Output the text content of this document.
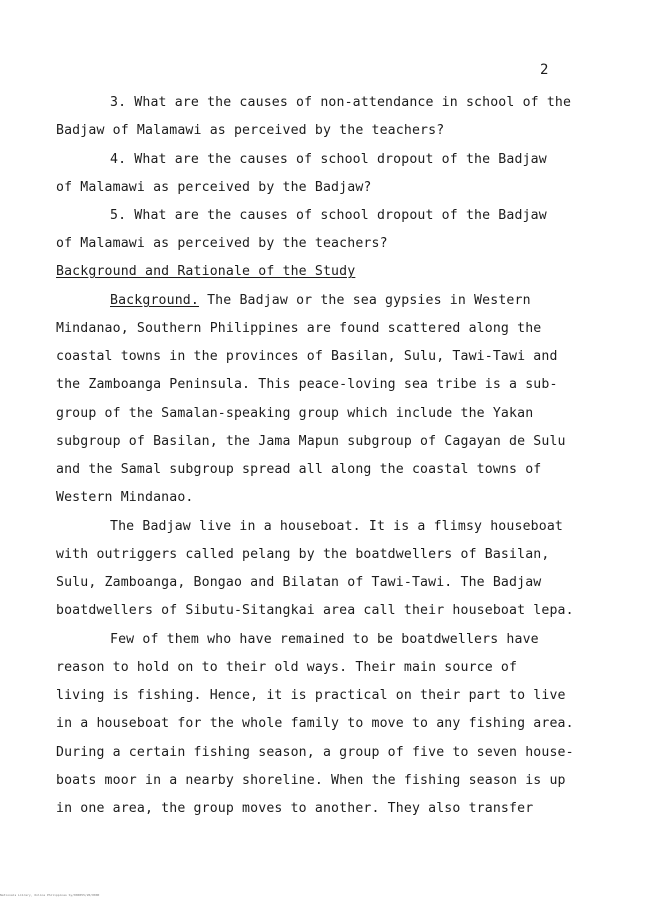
2
3. What are the causes of non-attendance in school of the
Badjaw of Malamawi as perceived by the teachers?
4. What are the causes of school dropout of the Badjaw
of Malamawi as perceived by the Badjaw?
5. What are the causes of school dropout of the Badjaw
of Malamawi as perceived by the teachers?
Background and Rationale of the Study
Background. The Badjaw or the sea gypsies in Western
Mindanao, Southern Philippines are found scattered along the
coastal towns in the provinces of Basilan, Sulu, Tawi-Tawi and
the Zamboanga Peninsula. This peace-loving sea tribe is a sub-
group of the Samalan-speaking group which include the Yakan
subgroup of Basilan, the Jama Mapun subgroup of Cagayan de Sulu
and the Samal subgroup spread all along the coastal towns of
Western Mindanao.
The Badjaw live in a houseboat. It is a flimsy houseboat
with outriggers called pelang by the boatdwellers of Basilan,
Sulu, Zamboanga, Bongao and Bilatan of Tawi-Tawi. The Badjaw
boatdwellers of Sibutu-Sitangkai area call their houseboat lepa.
Few of them who have remained to be boatdwellers have
reason to hold on to their old ways. Their main source of
living is fishing. Hence, it is practical on their part to live
in a houseboat for the whole family to move to any fishing area.
During a certain fishing season, a group of five to seven house-
boats moor in a nearby shoreline. When the fishing season is up
in one area, the group moves to another. They also transfer
Nationals Library, Online Philippines Sy/000055/20/0000
